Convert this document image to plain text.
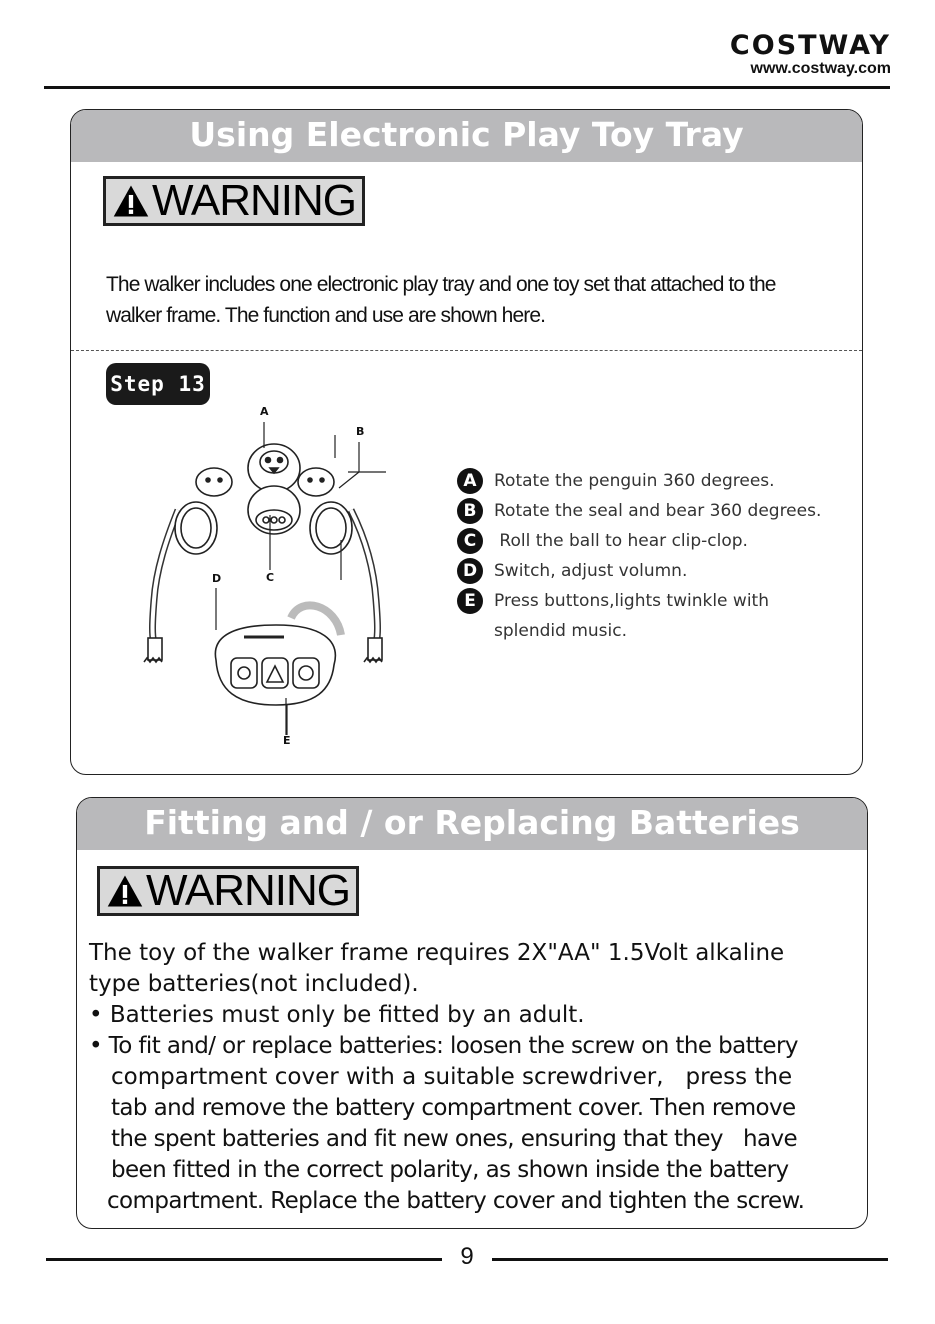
COSTWAY
www.costway.com
Using Electronic Play Toy Tray
WARNING
The walker includes one electronic play tray and one toy set that attached to the
walker frame. The function and use are shown here.
Step 13
A
B
D	C
E
A	Rotate the penguin 360 degrees.
B	Rotate the seal and bear 360 degrees.
C	Roll the ball to hear clip-clop.
D Switch, adjust volumn.
E	Press buttons,lights twinkle with
splendid music.
Fitting and / or Replacing Batteries
WARNING
The toy of the walker frame requires 2X"AA" 1.5Volt alkaline
type batteries(not included).
• Batteries must only be fitted by an adult.
• To fit and/ or replace batteries: loosen the screw on the battery
compartment cover with a suitable screwdriver,   press the
tab and remove the battery compartment cover. Then remove
the spent batteries and fit new ones, ensuring that they   have
been fitted in the correct polarity, as shown inside the battery
compartment. Replace the battery cover and tighten the screw.
9
